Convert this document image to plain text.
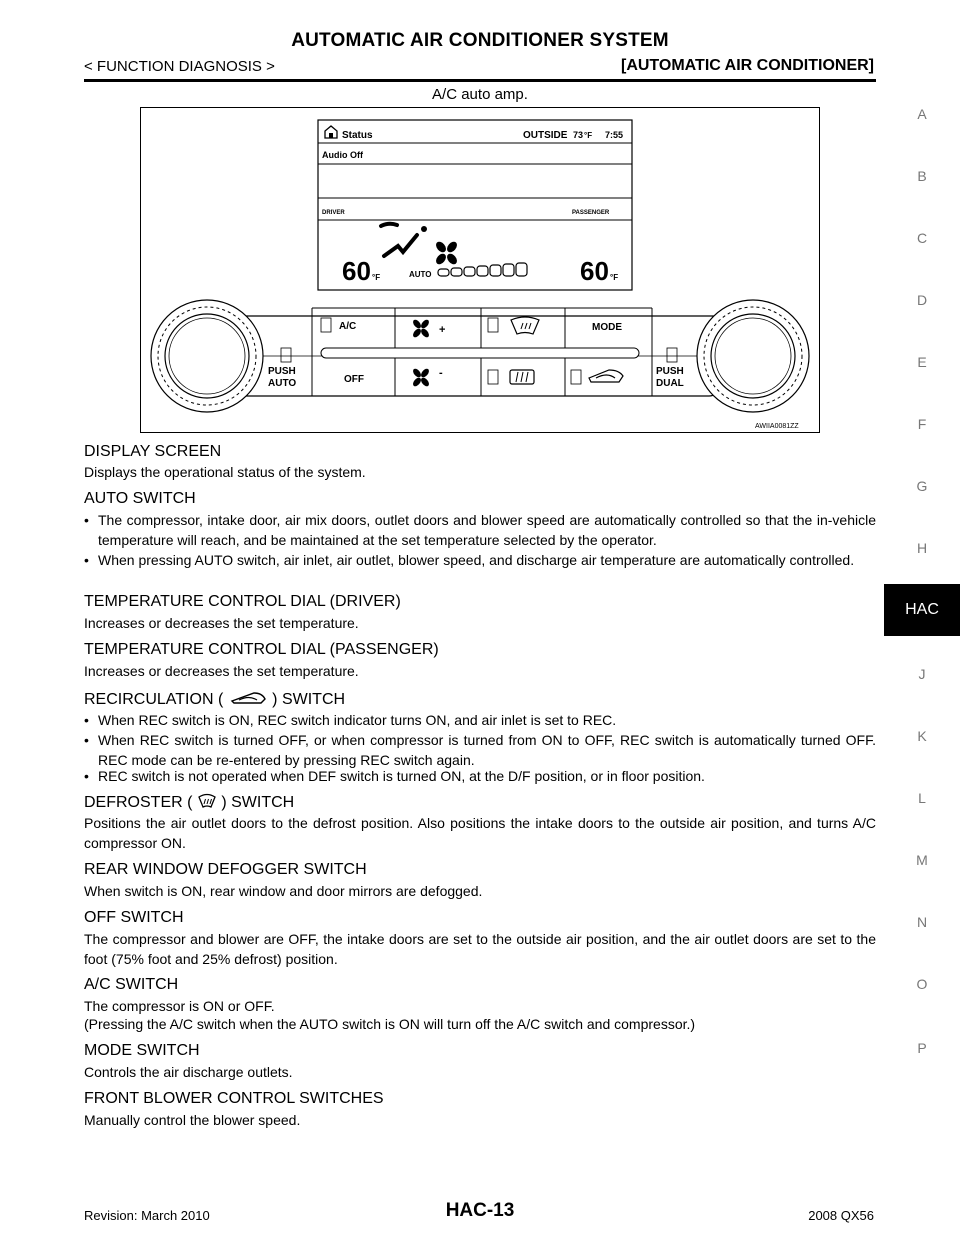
AUTOMATIC AIR CONDITIONER SYSTEM
< FUNCTION DIAGNOSIS >	[AUTOMATIC AIR CONDITIONER]
A/C auto amp.
A
B
C
D
E
F
G
H
HAC
J
K
L
M
N
O
P
Status	OUTSIDE 73 °F 7:55
Audio Off
DRIVER	PASSENGER
60 °F	AUTO	60 °F
A/C	+	MODE
PUSH
AUTO	OFF
-	PUSH
DUAL
AWIIA0081ZZ
DISPLAY SCREEN
Displays the operational status of the system.
AUTO SWITCH
• The compressor, intake door, air mix doors, outlet doors and blower speed are automatically controlled so that the in-vehicle temperature will reach, and be maintained at the set temperature selected by the operator.
• When pressing AUTO switch, air inlet, air outlet, blower speed, and discharge air temperature are automatically controlled.
TEMPERATURE CONTROL DIAL (DRIVER)
Increases or decreases the set temperature.
TEMPERATURE CONTROL DIAL (PASSENGER)
Increases or decreases the set temperature.
RECIRCULATION (	) SWITCH
• When REC switch is ON, REC switch indicator turns ON, and air inlet is set to REC.
• When REC switch is turned OFF, or when compressor is turned from ON to OFF, REC switch is automatically turned OFF. REC mode can be re-entered by pressing REC switch again.
• REC switch is not operated when DEF switch is turned ON, at the D/F position, or in floor position.
DEFROSTER ( ) SWITCH
Positions the air outlet doors to the defrost position. Also positions the intake doors to the outside air position, and turns A/C compressor ON.
REAR WINDOW DEFOGGER SWITCH
When switch is ON, rear window and door mirrors are defogged.
OFF SWITCH
The compressor and blower are OFF, the intake doors are set to the outside air position, and the air outlet doors are set to the foot (75% foot and 25% defrost) position.
A/C SWITCH
The compressor is ON or OFF.
(Pressing the A/C switch when the AUTO switch is ON will turn off the A/C switch and compressor.)
MODE SWITCH
Controls the air discharge outlets.
FRONT BLOWER CONTROL SWITCHES
Manually control the blower speed.
Revision: March 2010	HAC-13	2008 QX56
